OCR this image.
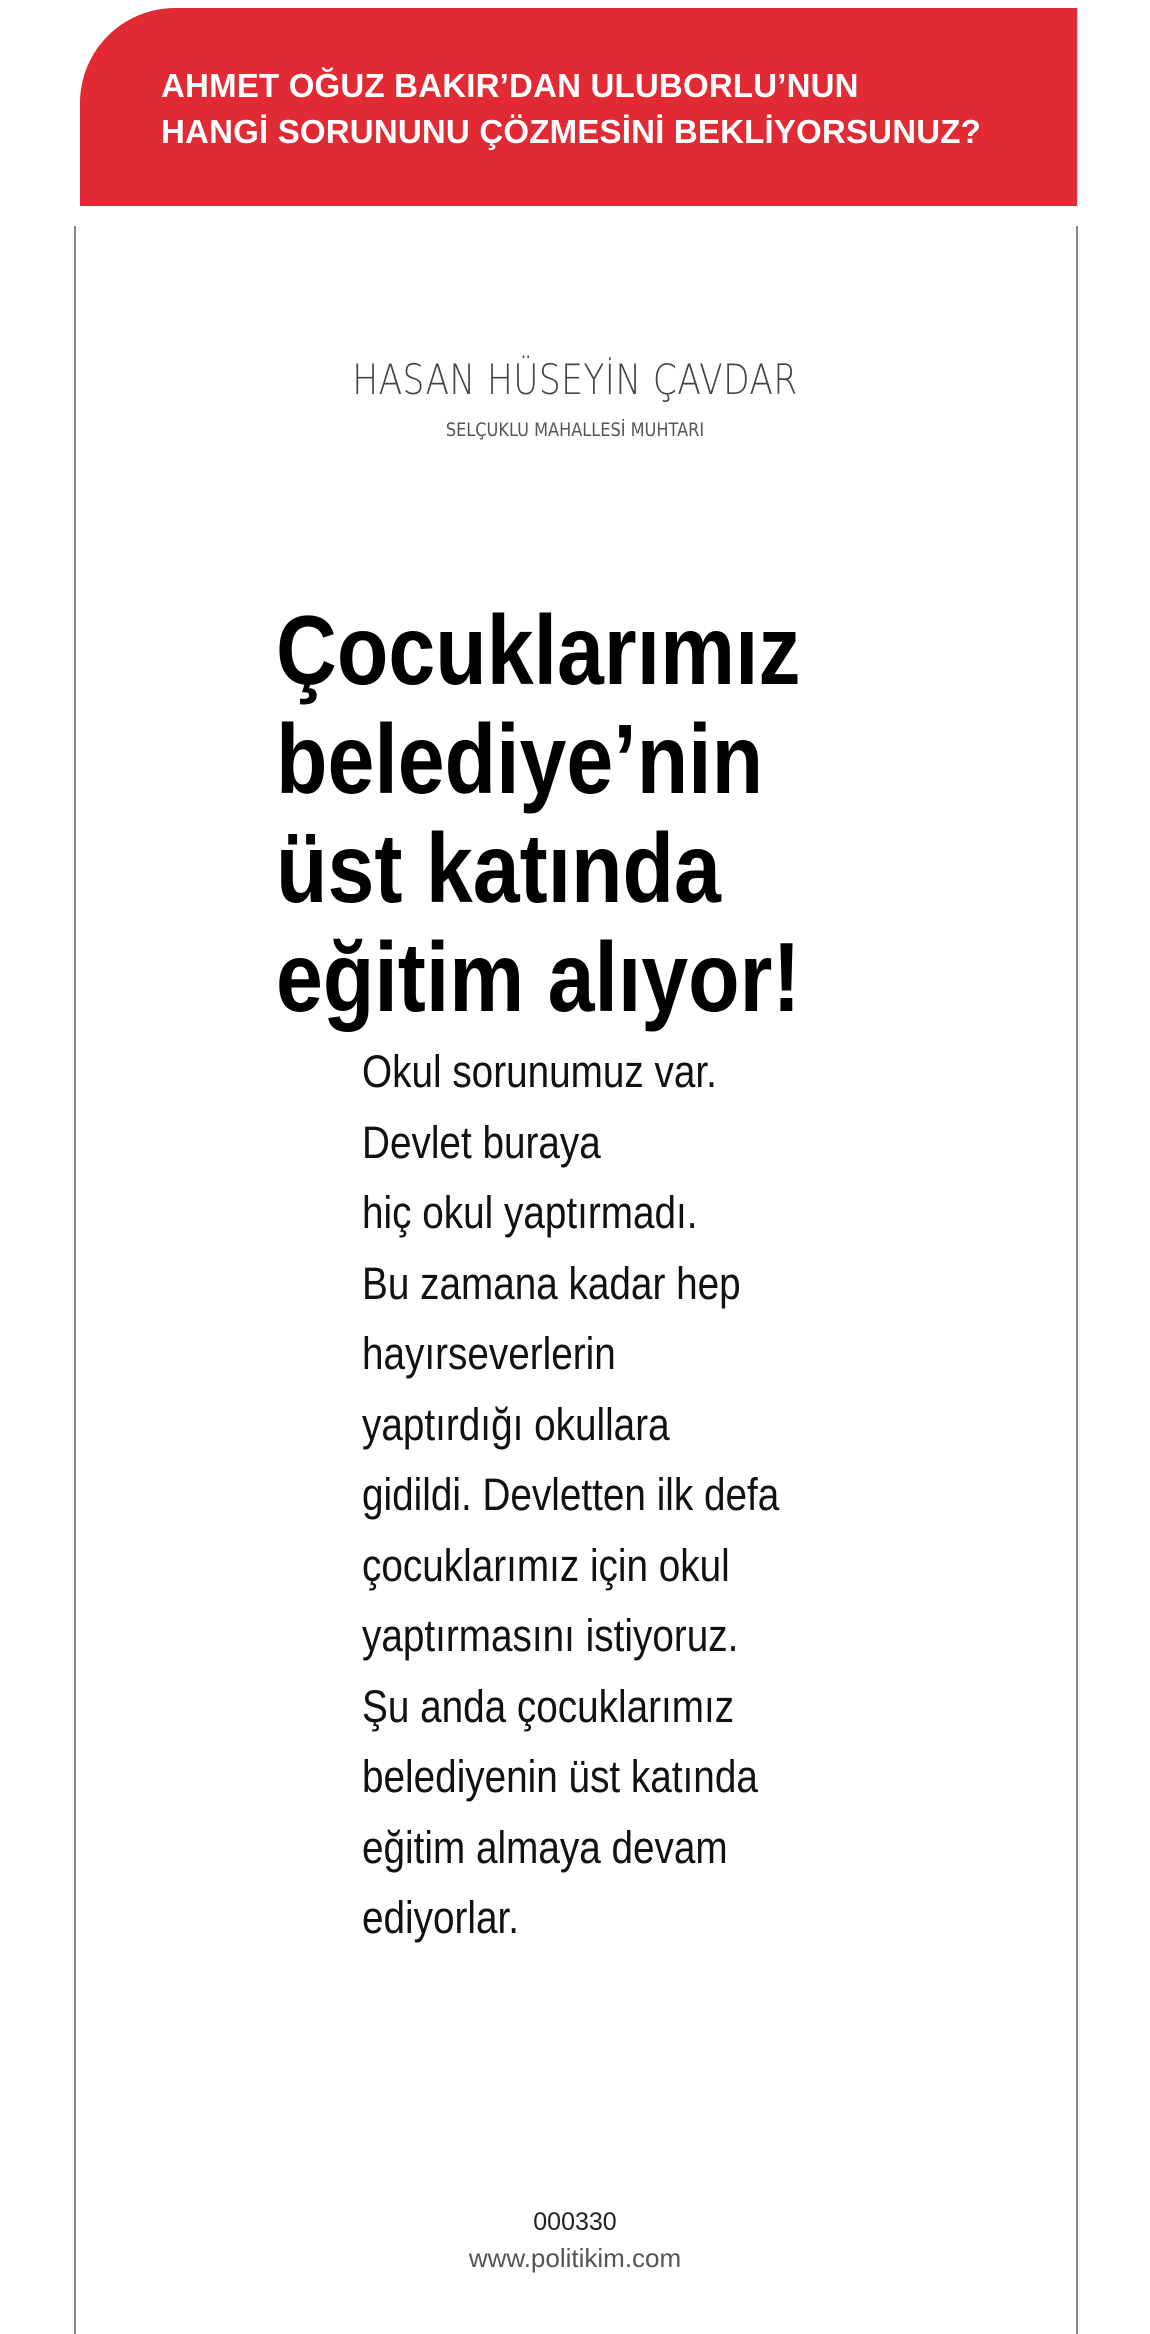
AHMET OĞUZ BAKIR’DAN ULUBORLU’NUN
HANGİ SORUNUNU ÇÖZMESİNİ BEKLİYORSUNUZ?
HASAN HÜSEYİN ÇAVDAR
SELÇUKLU MAHALLESİ MUHTARI
Çocuklarımız
belediye’nin
üst katında
eğitim alıyor!
Okul sorunumuz var.
Devlet buraya
hiç okul yaptırmadı.
Bu zamana kadar hep
hayırseverlerin
yaptırdığı okullara
gidildi. Devletten ilk defa
çocuklarımız için okul
yaptırmasını istiyoruz.
Şu anda çocuklarımız
belediyenin üst katında
eğitim almaya devam
ediyorlar.
000330
www.politikim.com
